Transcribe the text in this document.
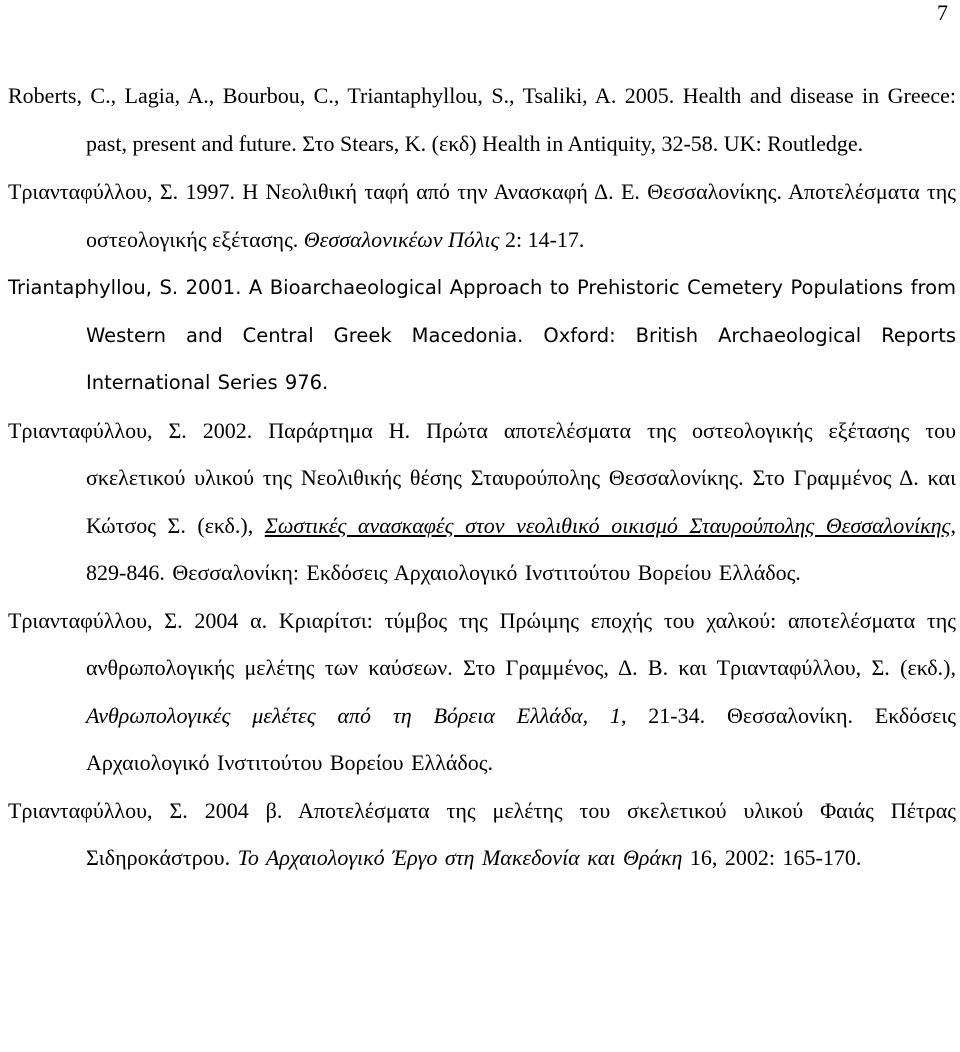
7

Roberts, C., Lagia, A., Bourbou, C., Triantaphyllou, S., Tsaliki, A. 2005. Health and disease in Greece: past, present and future. Στο Stears, K. (εκδ) Health in Antiquity, 32-58. UK: Routledge.

Τριανταφύλλου, Σ. 1997. Η Νεολιθική ταφή από την Ανασκαφή Δ. Ε. Θεσσαλονίκης. Αποτελέσματα της οστεολογικής εξέτασης. Θεσσαλονικέων Πόλις 2: 14-17.

Triantaphyllou, S. 2001. A Bioarchaeological Approach to Prehistoric Cemetery Populations from Western and Central Greek Macedonia. Oxford: British Archaeological Reports International Series 976.

Τριανταφύλλου, Σ. 2002. Παράρτημα Η. Πρώτα αποτελέσματα της οστεολογικής εξέτασης του σκελετικού υλικού της Νεολιθικής θέσης Σταυρούπολης Θεσσαλονίκης. Στο Γραμμένος Δ. και Κώτσος Σ. (εκδ.), Σωστικές ανασκαφές στον νεολιθικό οικισμό Σταυρούπολης Θεσσαλονίκης, 829-846. Θεσσαλονίκη: Εκδόσεις Αρχαιολογικό Ινστιτούτου Βορείου Ελλάδος.

Τριανταφύλλου, Σ. 2004 α. Κριαρίτσι: τύμβος της Πρώιμης εποχής του χαλκού: αποτελέσματα της ανθρωπολογικής μελέτης των καύσεων. Στο Γραμμένος, Δ. Β. και Τριανταφύλλου, Σ. (εκδ.), Ανθρωπολογικές μελέτες από τη Βόρεια Ελλάδα, 1, 21-34. Θεσσαλονίκη. Εκδόσεις Αρχαιολογικό Ινστιτούτου Βορείου Ελλάδος.

Τριανταφύλλου, Σ. 2004 β. Αποτελέσματα της μελέτης του σκελετικού υλικού Φαιάς Πέτρας Σιδηροκάστρου. Το Αρχαιολογικό Έργο στη Μακεδονία και Θράκη 16, 2002: 165-170.
